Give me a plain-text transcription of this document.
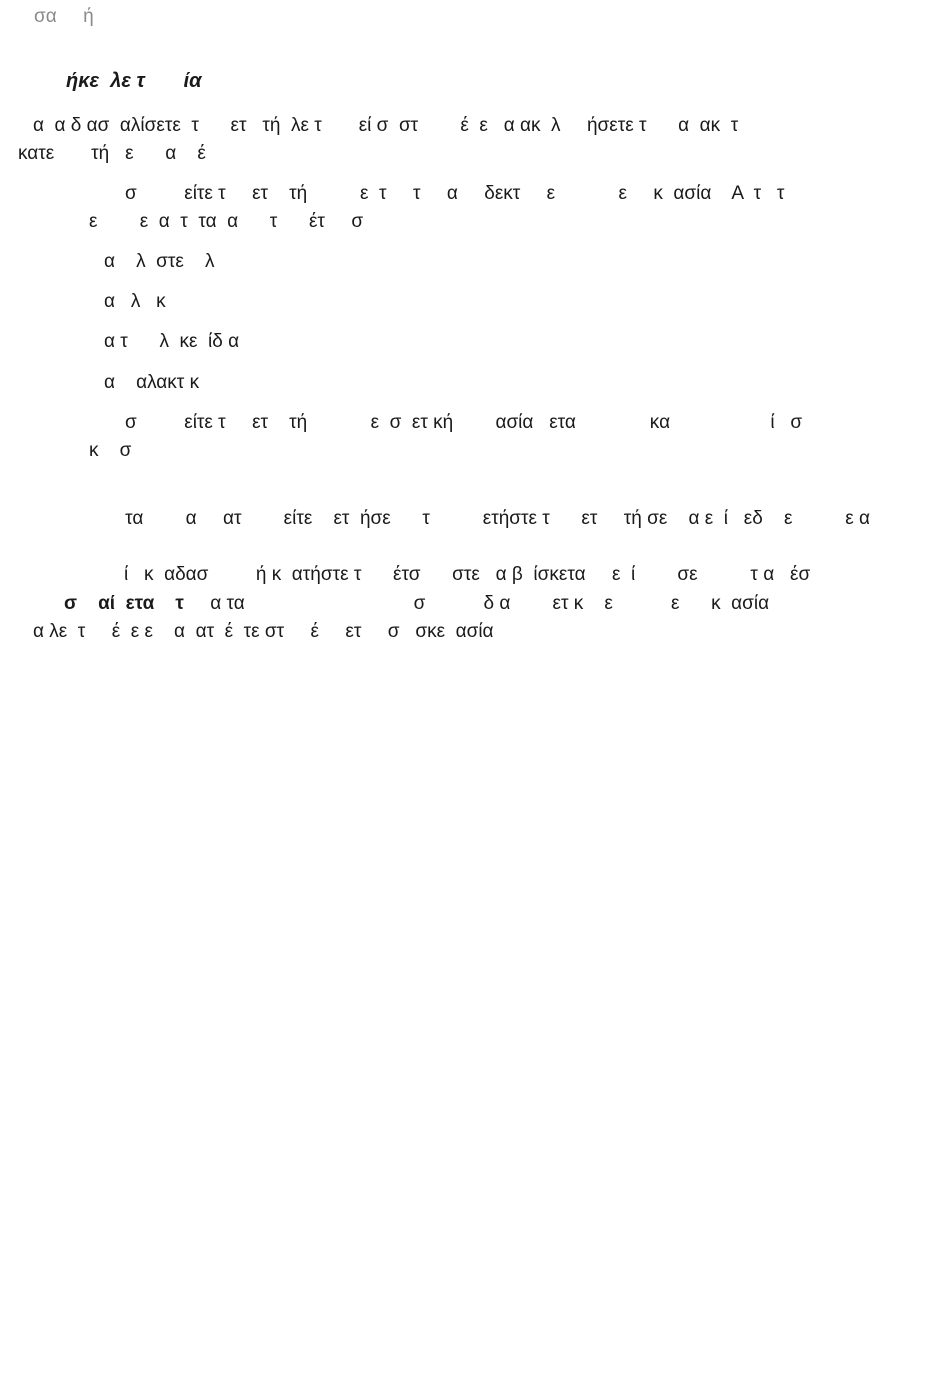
σα     ή
ήκε  λε τ       ία

α  α δ ασ  αλίσετε  τ      ετ   τή  λε τ       εί σ  στ        έ  ε   α ακ  λ     ήσετε τ      α  ακ  τ
κατε       τή   ε      α    έ

σ         είτε τ     ετ    τή          ε  τ     τ     α     δεκτ     ε            ε     κ  ασία    Α  τ   τ
ε        ε  α  τ  τα  α      τ      έτ     σ

α    λ  στε    λ

α   λ   κ

α τ      λ  κε  ίδ α

α    αλακτ κ

σ         είτε τ     ετ    τή            ε  σ  ετ κή        ασία   ετα              κα                   ί   σ
κ    σ

τα        α     ατ        είτε    ετ  ήσε      τ          ετήστε τ      ετ     τή σε    α ε  ί   εδ    ε          ε α

ί   κ  αδασ         ή κ  ατήστε τ      έτσ      στε   α β  ίσκετα     ε  ί        σε          τ α   έσ

σ    αί  ετα    τ     α τα                                σ           δ α        ετ κ    ε           ε      κ  ασία
α λε  τ     έ  ε ε    α  ατ  έ  τε στ     έ     ετ     σ   σκε  ασία
